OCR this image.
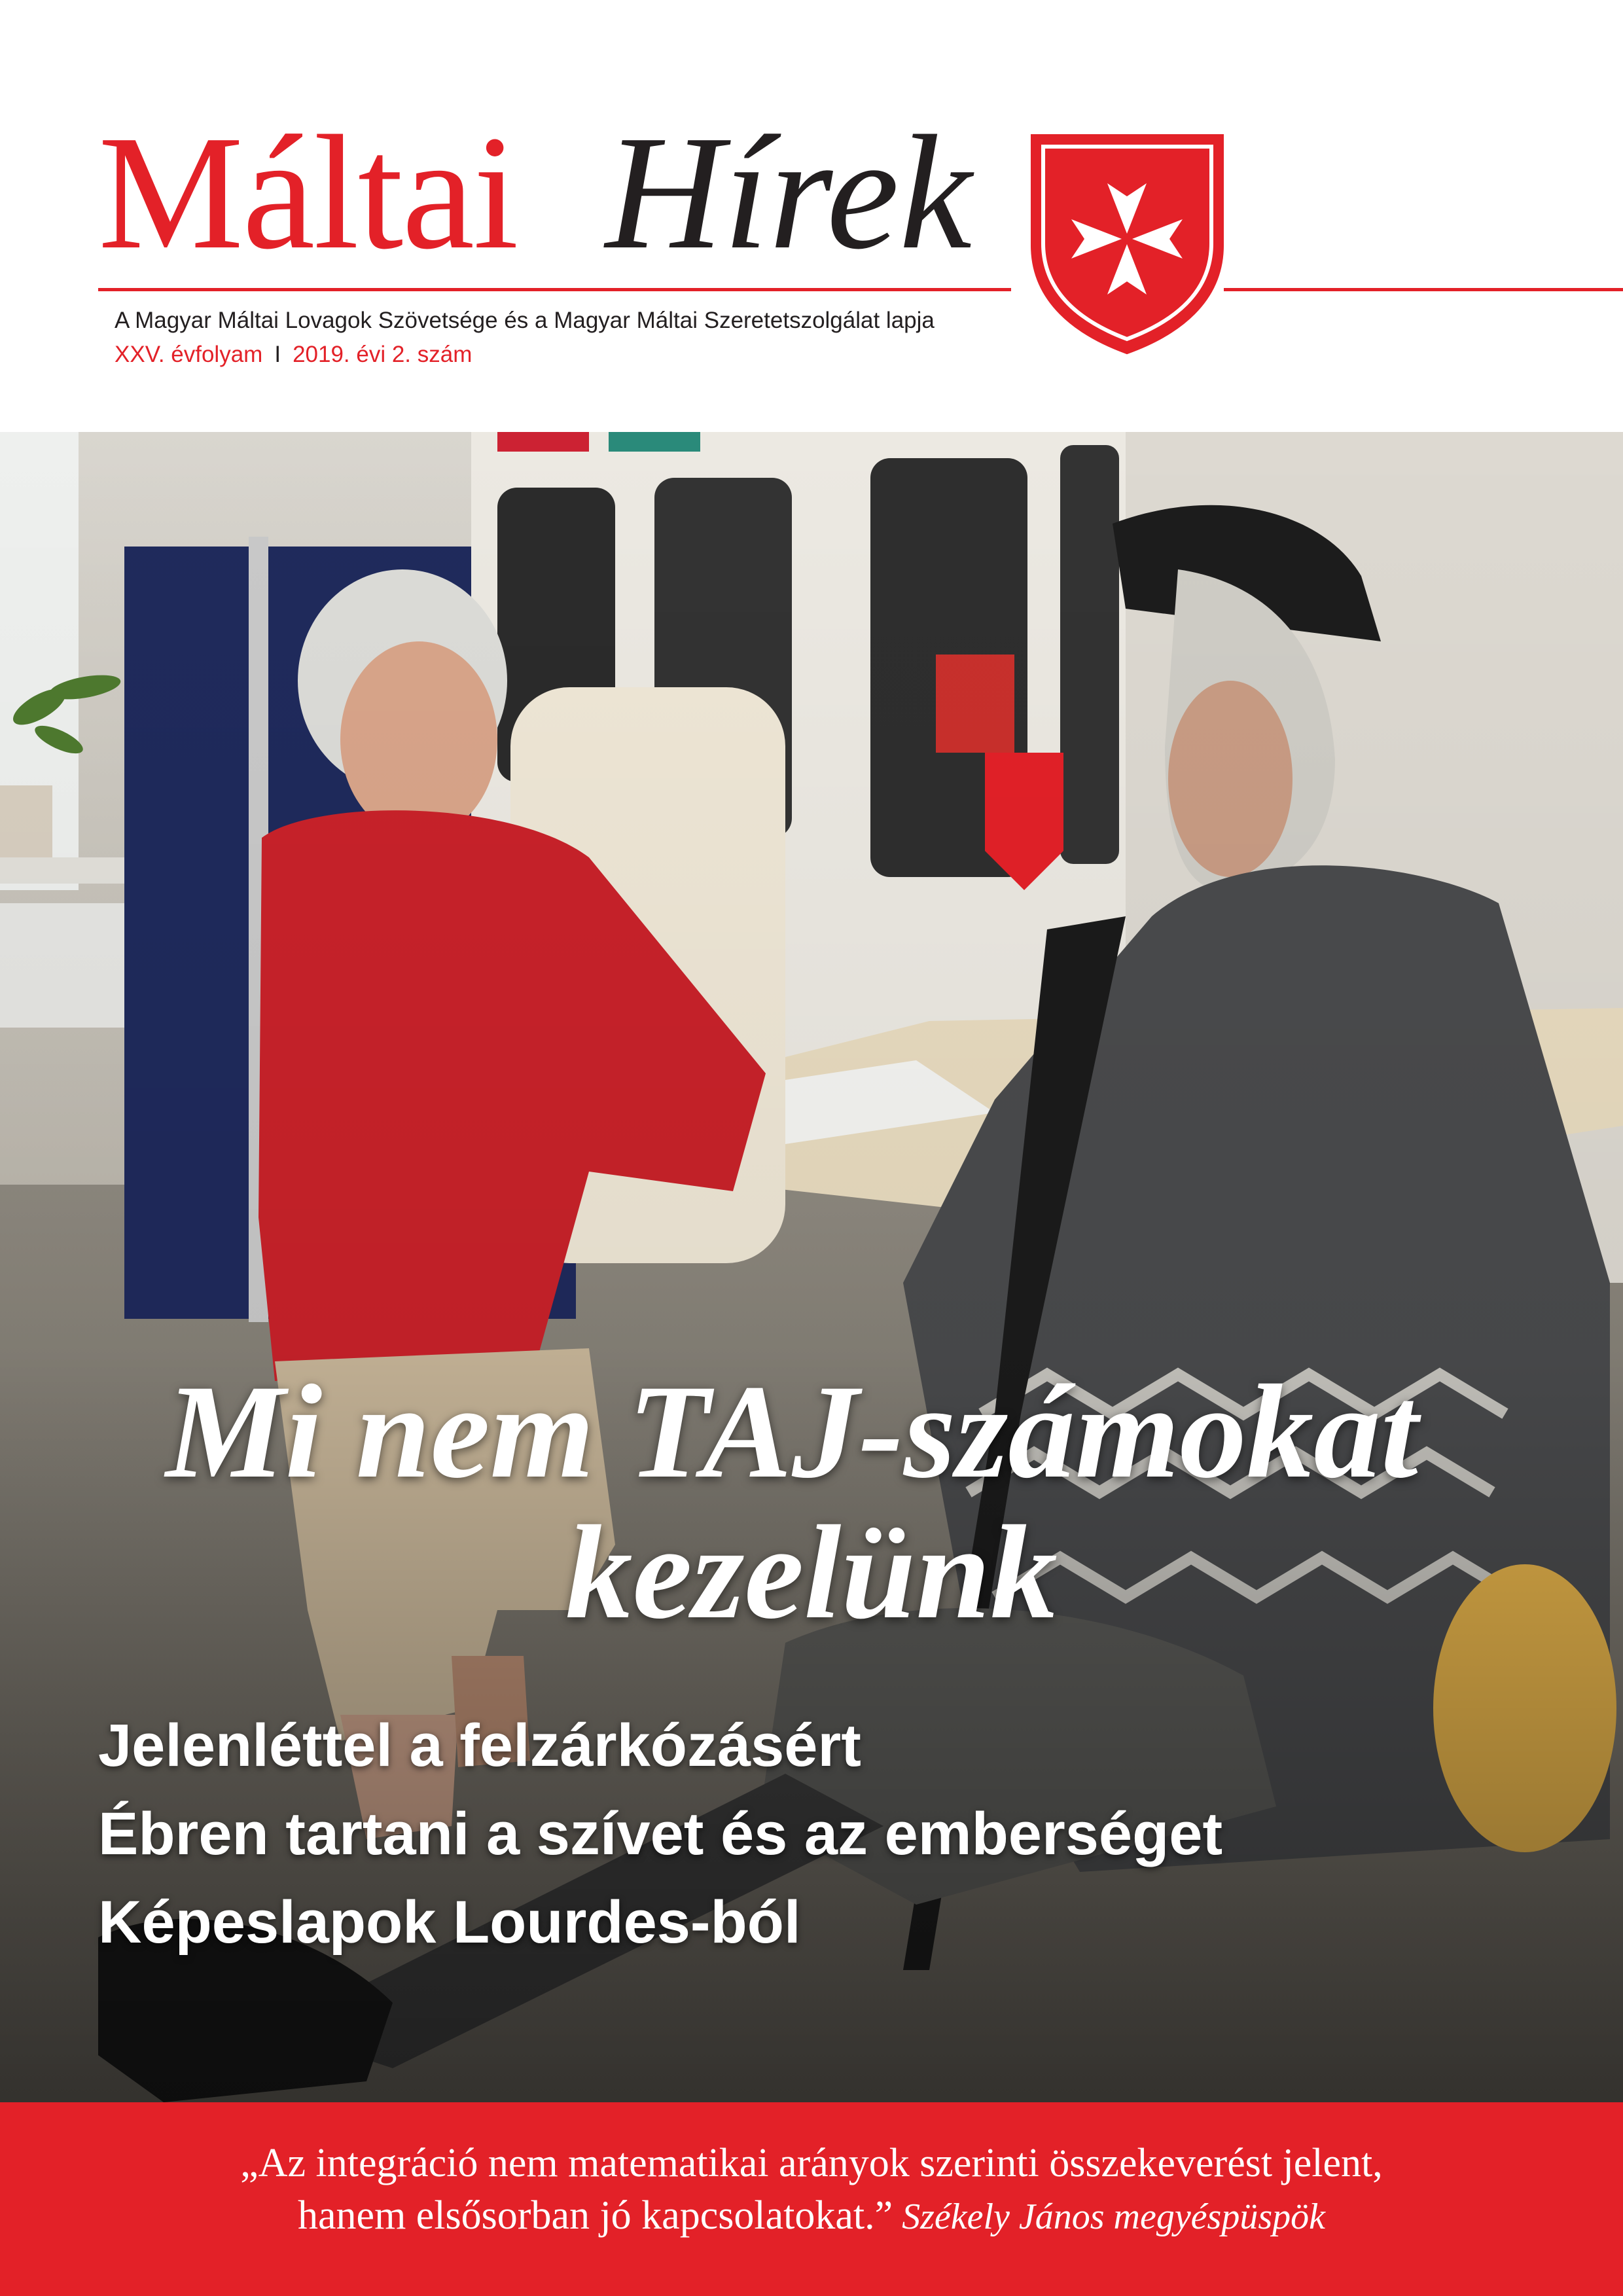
Máltai Hírek
A Magyar Máltai Lovagok Szövetsége és a Magyar Máltai Szeretetszolgálat lapja
XXV. évfolyam I 2019. évi 2. szám
Mi nem TAJ-számokat
kezelünk
Jelenléttel a felzárkózásért
Ébren tartani a szívet és az emberséget
Képeslapok Lourdes-ból
„Az integráció nem matematikai arányok szerinti összekeverést jelent,
hanem elsősorban jó kapcsolatokat.” Székely János megyéspüspök
